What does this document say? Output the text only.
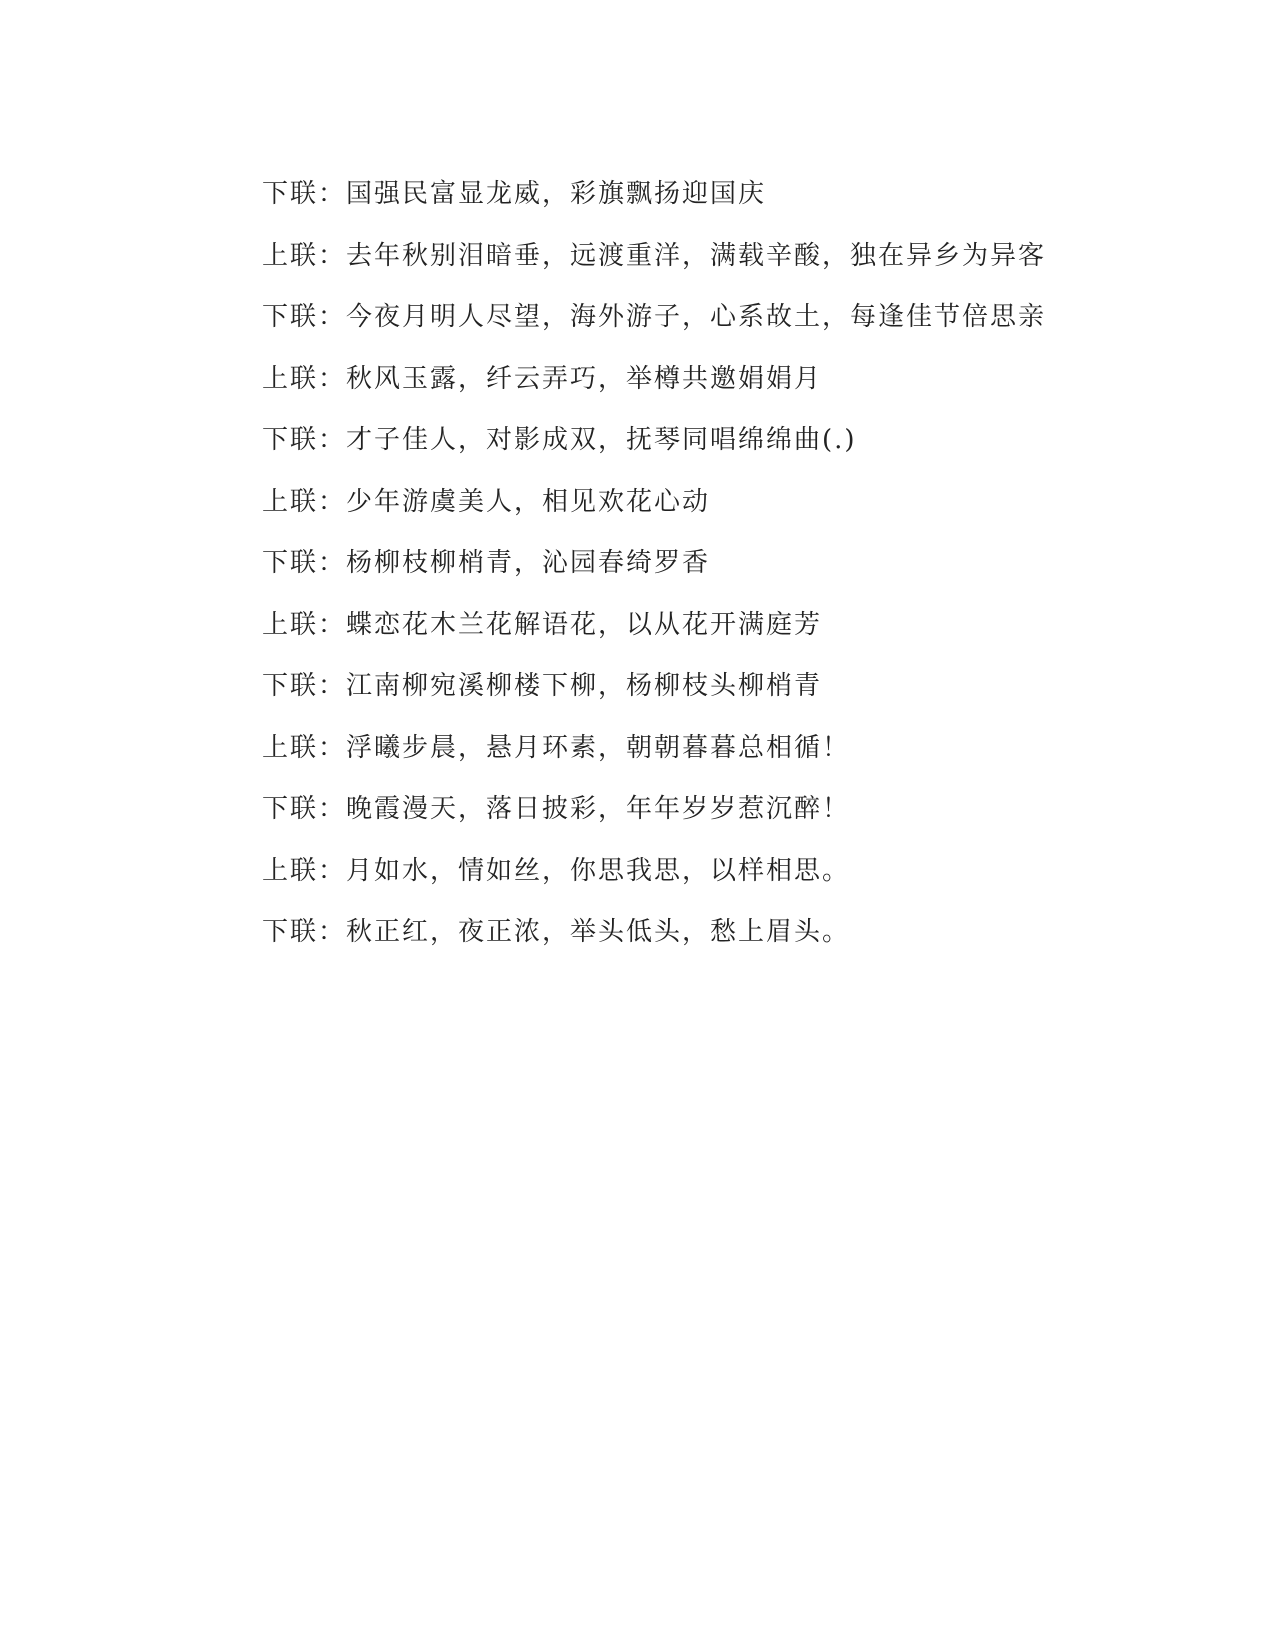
下联：国强民富显龙威，彩旗飘扬迎国庆
上联：去年秋别泪暗垂，远渡重洋，满载辛酸，独在异乡为异客
下联：今夜月明人尽望，海外游子，心系故土，每逢佳节倍思亲
上联：秋风玉露，纤云弄巧，举樽共邀娟娟月
下联：才子佳人，对影成双，抚琴同唱绵绵曲(.)
上联：少年游虞美人，相见欢花心动
下联：杨柳枝柳梢青，沁园春绮罗香
上联：蝶恋花木兰花解语花，以从花开满庭芳
下联：江南柳宛溪柳楼下柳，杨柳枝头柳梢青
上联：浮曦步晨，悬月环素，朝朝暮暮总相循！
下联：晚霞漫天，落日披彩，年年岁岁惹沉醉！
上联：月如水，情如丝，你思我思，以样相思。
下联：秋正红，夜正浓，举头低头，愁上眉头。
